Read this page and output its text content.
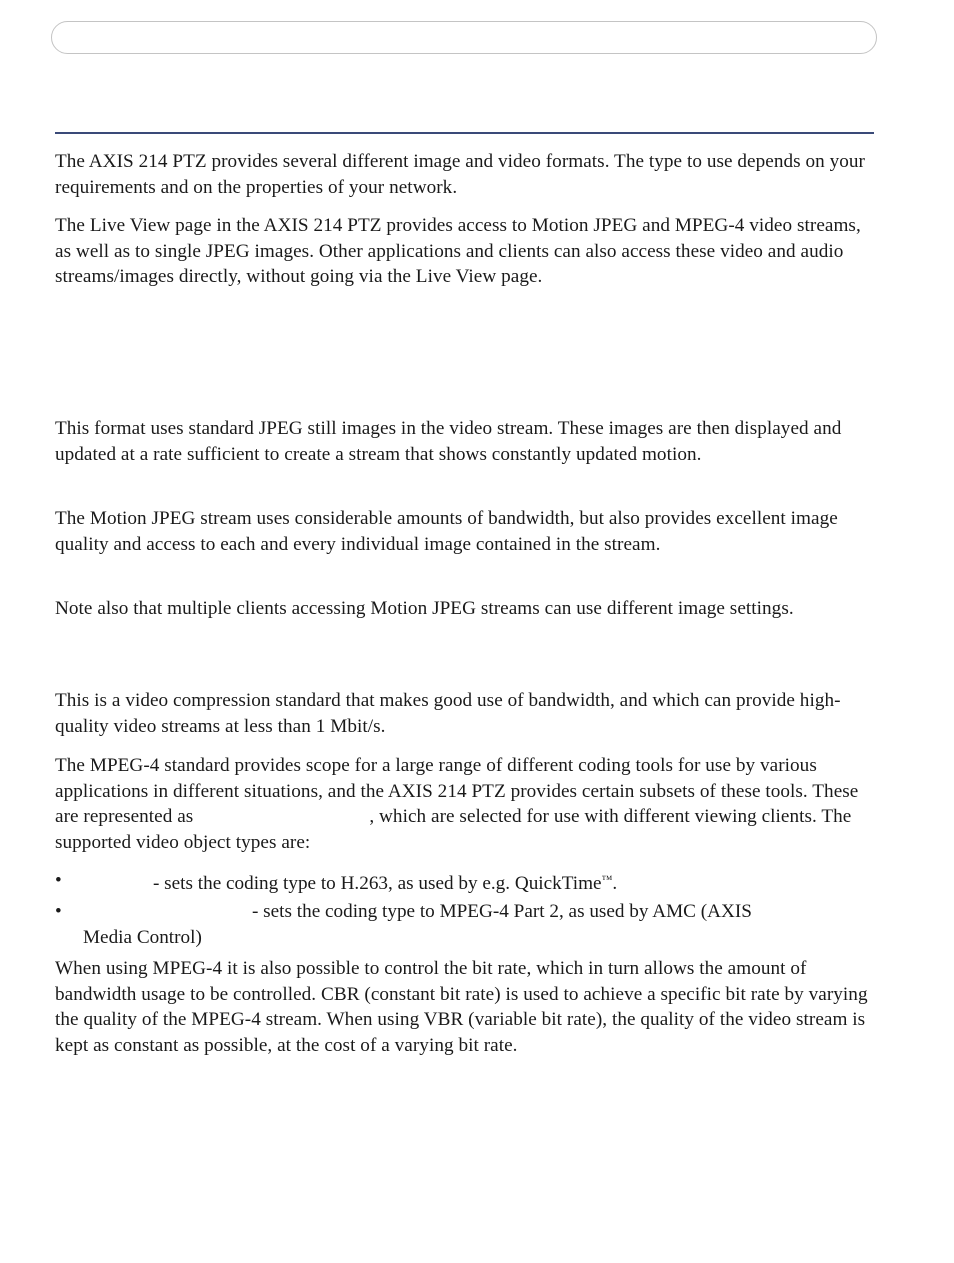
The AXIS 214 PTZ provides several different image and video formats. The type to use depends on your requirements and on the properties of your network.

The Live View page in the AXIS 214 PTZ provides access to Motion JPEG and MPEG-4 video streams, as well as to single JPEG images. Other applications and clients can also access these video and audio streams/images directly, without going via the Live View page.

This format uses standard JPEG still images in the video stream. These images are then displayed and updated at a rate sufficient to create a stream that shows constantly updated motion.

The Motion JPEG stream uses considerable amounts of bandwidth, but also provides excellent image quality and access to each and every individual image contained in the stream.

Note also that multiple clients accessing Motion JPEG streams can use different image settings.

This is a video compression standard that makes good use of bandwidth, and which can provide high-quality video streams at less than 1 Mbit/s.

The MPEG-4 standard provides scope for a large range of different coding tools for use by various applications in different situations, and the AXIS 214 PTZ provides certain subsets of these tools. These are represented as	, which are selected for use with different viewing clients. The supported video object types are:

•	- sets the coding type to H.263, as used by e.g. QuickTime™.
•	- sets the coding type to MPEG-4 Part 2, as used by AMC (AXIS
Media Control)

When using MPEG-4 it is also possible to control the bit rate, which in turn allows the amount of bandwidth usage to be controlled. CBR (constant bit rate) is used to achieve a specific bit rate by varying the quality of the MPEG-4 stream. When using VBR (variable bit rate), the quality of the video stream is kept as constant as possible, at the cost of a varying bit rate.
